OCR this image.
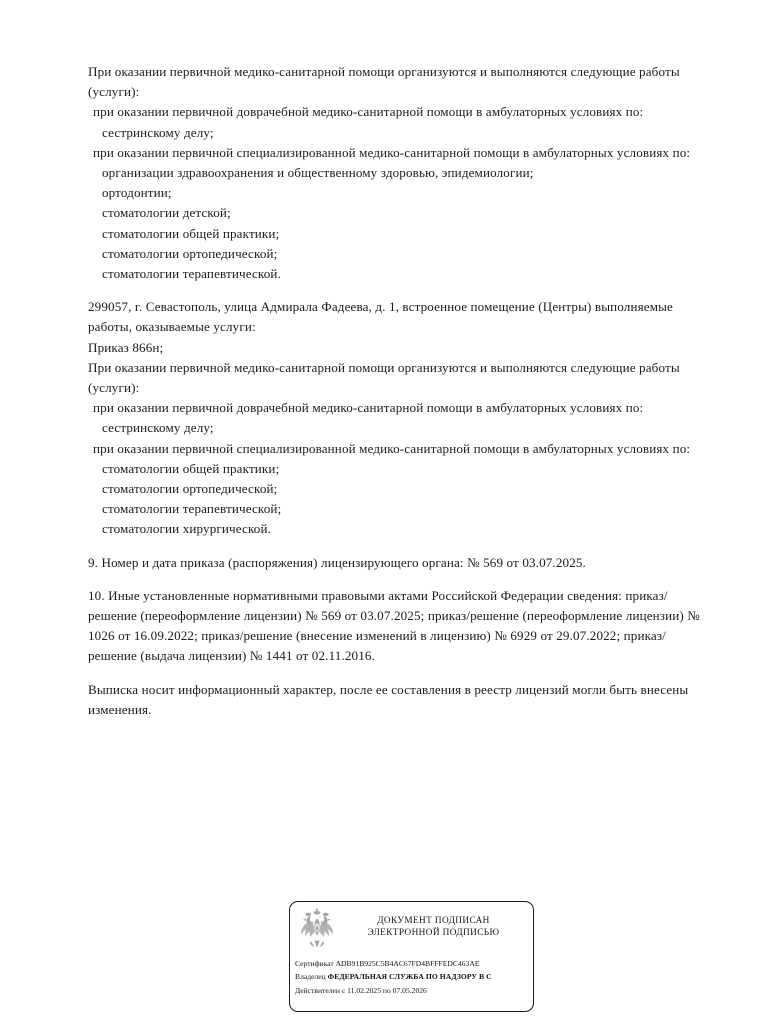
При оказании первичной медико-санитарной помощи организуются и выполняются следующие работы (услуги):

при оказании первичной доврачебной медико-санитарной помощи в амбулаторных условиях по:

сестринскому делу;

при оказании первичной специализированной медико-санитарной помощи в амбулаторных условиях по:

организации здравоохранения и общественному здоровью, эпидемиологии;

ортодонтии;

стоматологии детской;

стоматологии общей практики;

стоматологии ортопедической;

стоматологии терапевтической.

299057, г. Севастополь, улица Адмирала Фадеева, д. 1, встроенное помещение (Центры) выполняемые работы, оказываемые услуги:

Приказ 866н;

При оказании первичной медико-санитарной помощи организуются и выполняются следующие работы (услуги):

при оказании первичной доврачебной медико-санитарной помощи в амбулаторных условиях по:

сестринскому делу;

при оказании первичной специализированной медико-санитарной помощи в амбулаторных условиях по:

стоматологии общей практики;

стоматологии ортопедической;

стоматологии терапевтической;

стоматологии хирургической.

9. Номер и дата приказа (распоряжения) лицензирующего органа: № 569 от 03.07.2025.

10. Иные установленные нормативными правовыми актами Российской Федерации сведения: приказ/решение (переоформление лицензии) № 569 от 03.07.2025; приказ/решение (переоформление лицензии) № 1026 от 16.09.2022; приказ/решение (внесение изменений в лицензию) № 6929 от 29.07.2022; приказ/решение (выдача лицензии) № 1441 от 02.11.2016.

Выписка носит информационный характер, после ее составления в реестр лицензий могли быть внесены изменения.

ДОКУМЕНТ ПОДПИСАН
ЭЛЕКТРОННОЙ ПОДПИСЬЮ
Сертификат ADB91B925C5B4AC67FD4BFFFEDC463AE
Владелец ФЕДЕРАЛЬНАЯ СЛУЖБА ПО НАДЗОРУ В С
Действителен с 11.02.2025 по 07.05.2026
